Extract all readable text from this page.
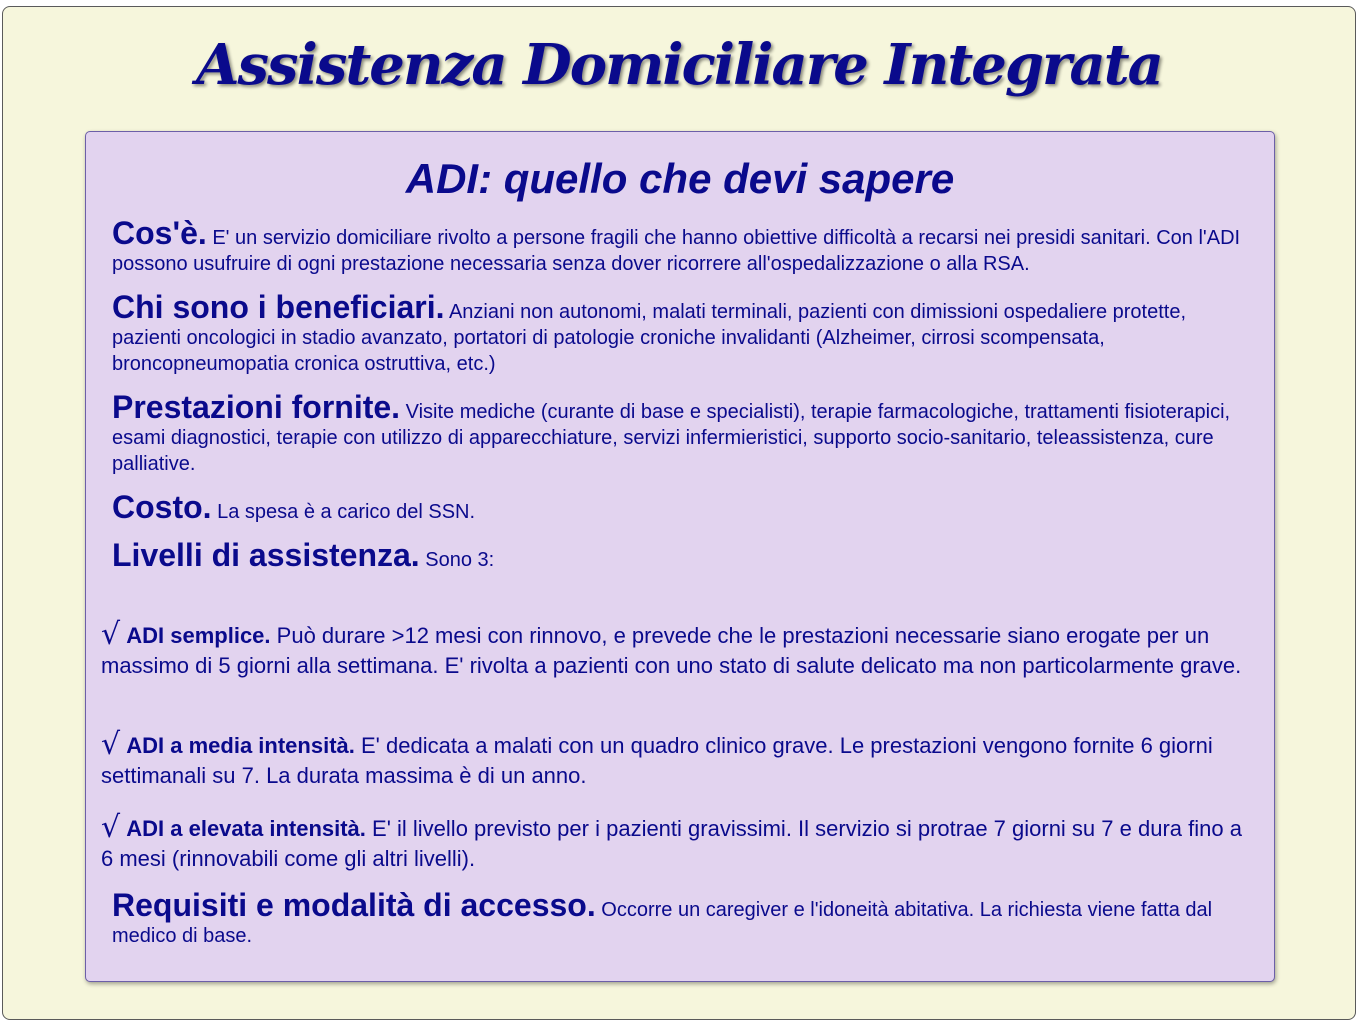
Assistenza Domiciliare Integrata
ADI: quello che devi sapere

Cos'è. E' un servizio domiciliare rivolto a persone fragili che hanno obiettive difficoltà a recarsi nei presidi sanitari. Con l'ADI possono usufruire di ogni prestazione necessaria senza dover ricorrere all'ospedalizzazione o alla RSA.

Chi sono i beneficiari. Anziani non autonomi, malati terminali, pazienti con dimissioni ospedaliere protette, pazienti oncologici in stadio avanzato, portatori di patologie croniche invalidanti (Alzheimer, cirrosi scompensata, broncopneumopatia cronica ostruttiva, etc.)

Prestazioni fornite. Visite mediche (curante di base e specialisti), terapie farmacologiche, trattamenti fisioterapici, esami diagnostici, terapie con utilizzo di apparecchiature, servizi infermieristici, supporto socio-sanitario, teleassistenza, cure palliative.

Costo. La spesa è a carico del SSN.

Livelli di assistenza. Sono 3:

√ ADI semplice. Può durare >12 mesi con rinnovo, e prevede che le prestazioni necessarie siano erogate per un massimo di 5 giorni alla settimana. E' rivolta a pazienti con uno stato di salute delicato ma non particolarmente grave.

√ ADI a media intensità. E' dedicata a malati con un quadro clinico grave. Le prestazioni vengono fornite 6 giorni settimanali su 7. La durata massima è di un anno.

√ ADI a elevata intensità. E' il livello previsto per i pazienti gravissimi. Il servizio si protrae 7 giorni su 7 e dura fino a 6 mesi (rinnovabili come gli altri livelli).

Requisiti e modalità di accesso. Occorre un caregiver e l'idoneità abitativa. La richiesta viene fatta dal medico di base.
